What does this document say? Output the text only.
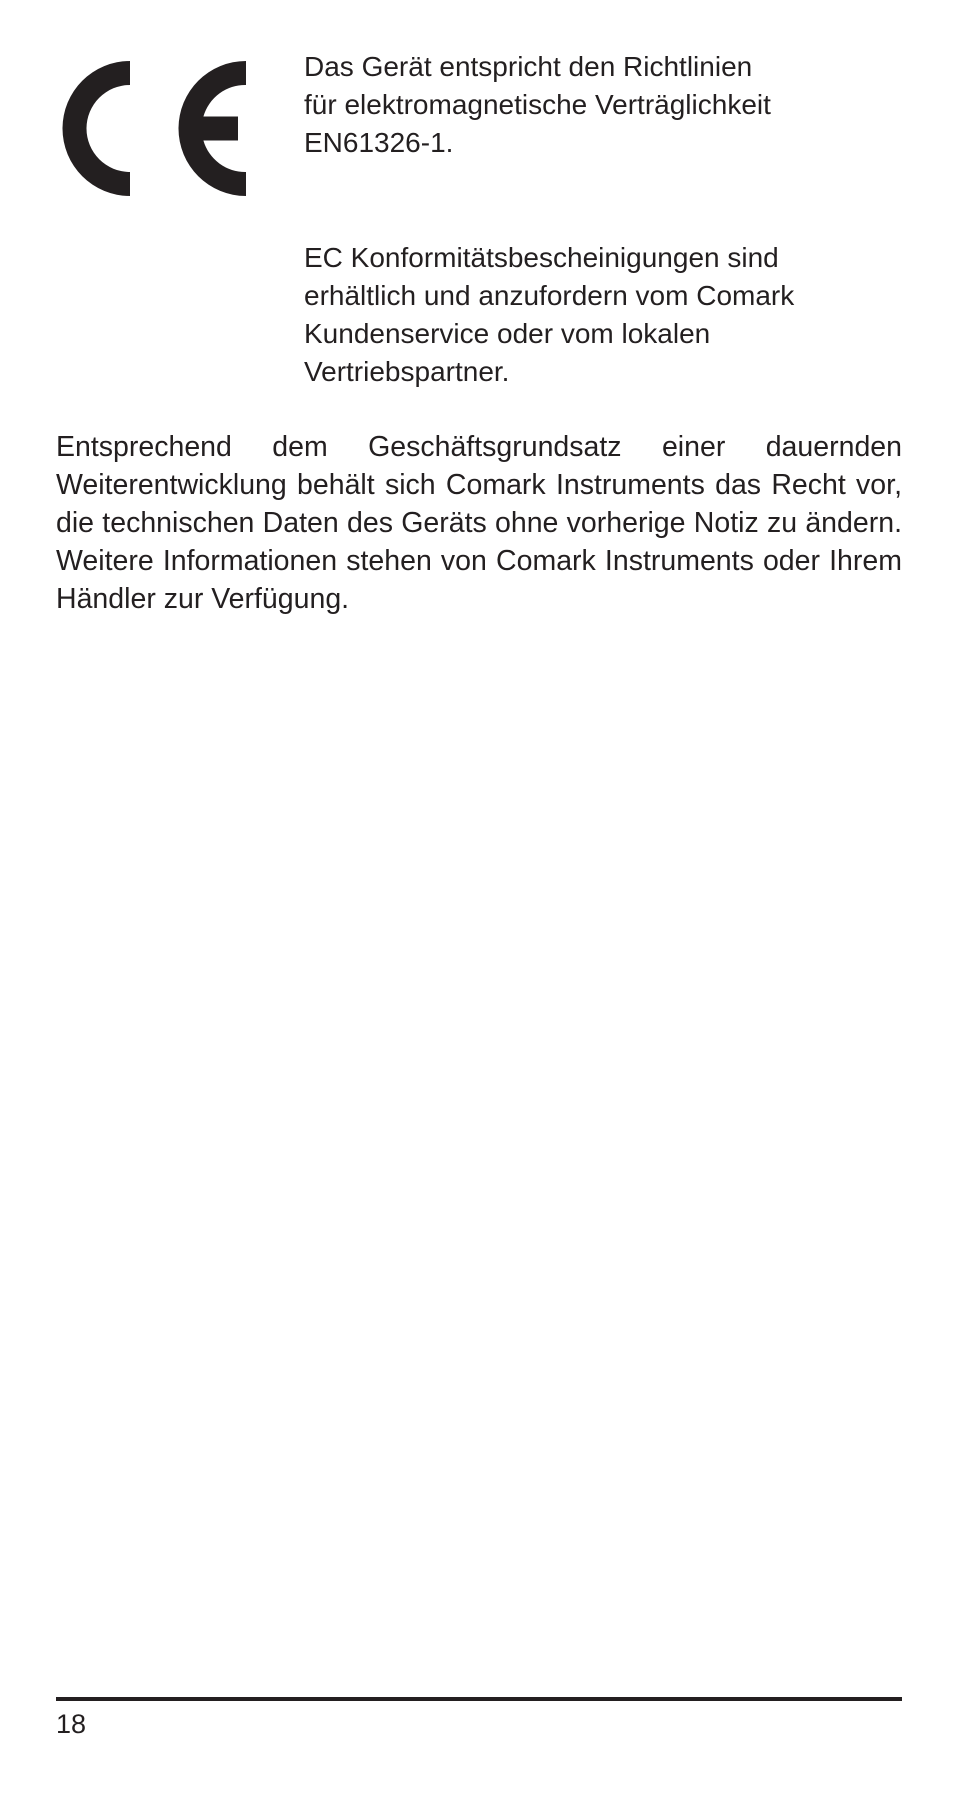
Das Gerät entspricht den Richtlinien
für elektromagnetische Verträglichkeit
EN61326-1.
EC Konformitätsbescheinigungen sind
erhältlich und anzufordern vom Comark
Kundenservice oder vom lokalen
Vertriebspartner.

Entsprechend dem Geschäftsgrundsatz einer dauernden Weiterentwicklung behält sich Comark Instruments das Recht vor, die technischen Daten des Geräts ohne vorherige Notiz zu ändern. Weitere Informationen stehen von Comark Instruments oder Ihrem Händler zur Verfügung.

18
